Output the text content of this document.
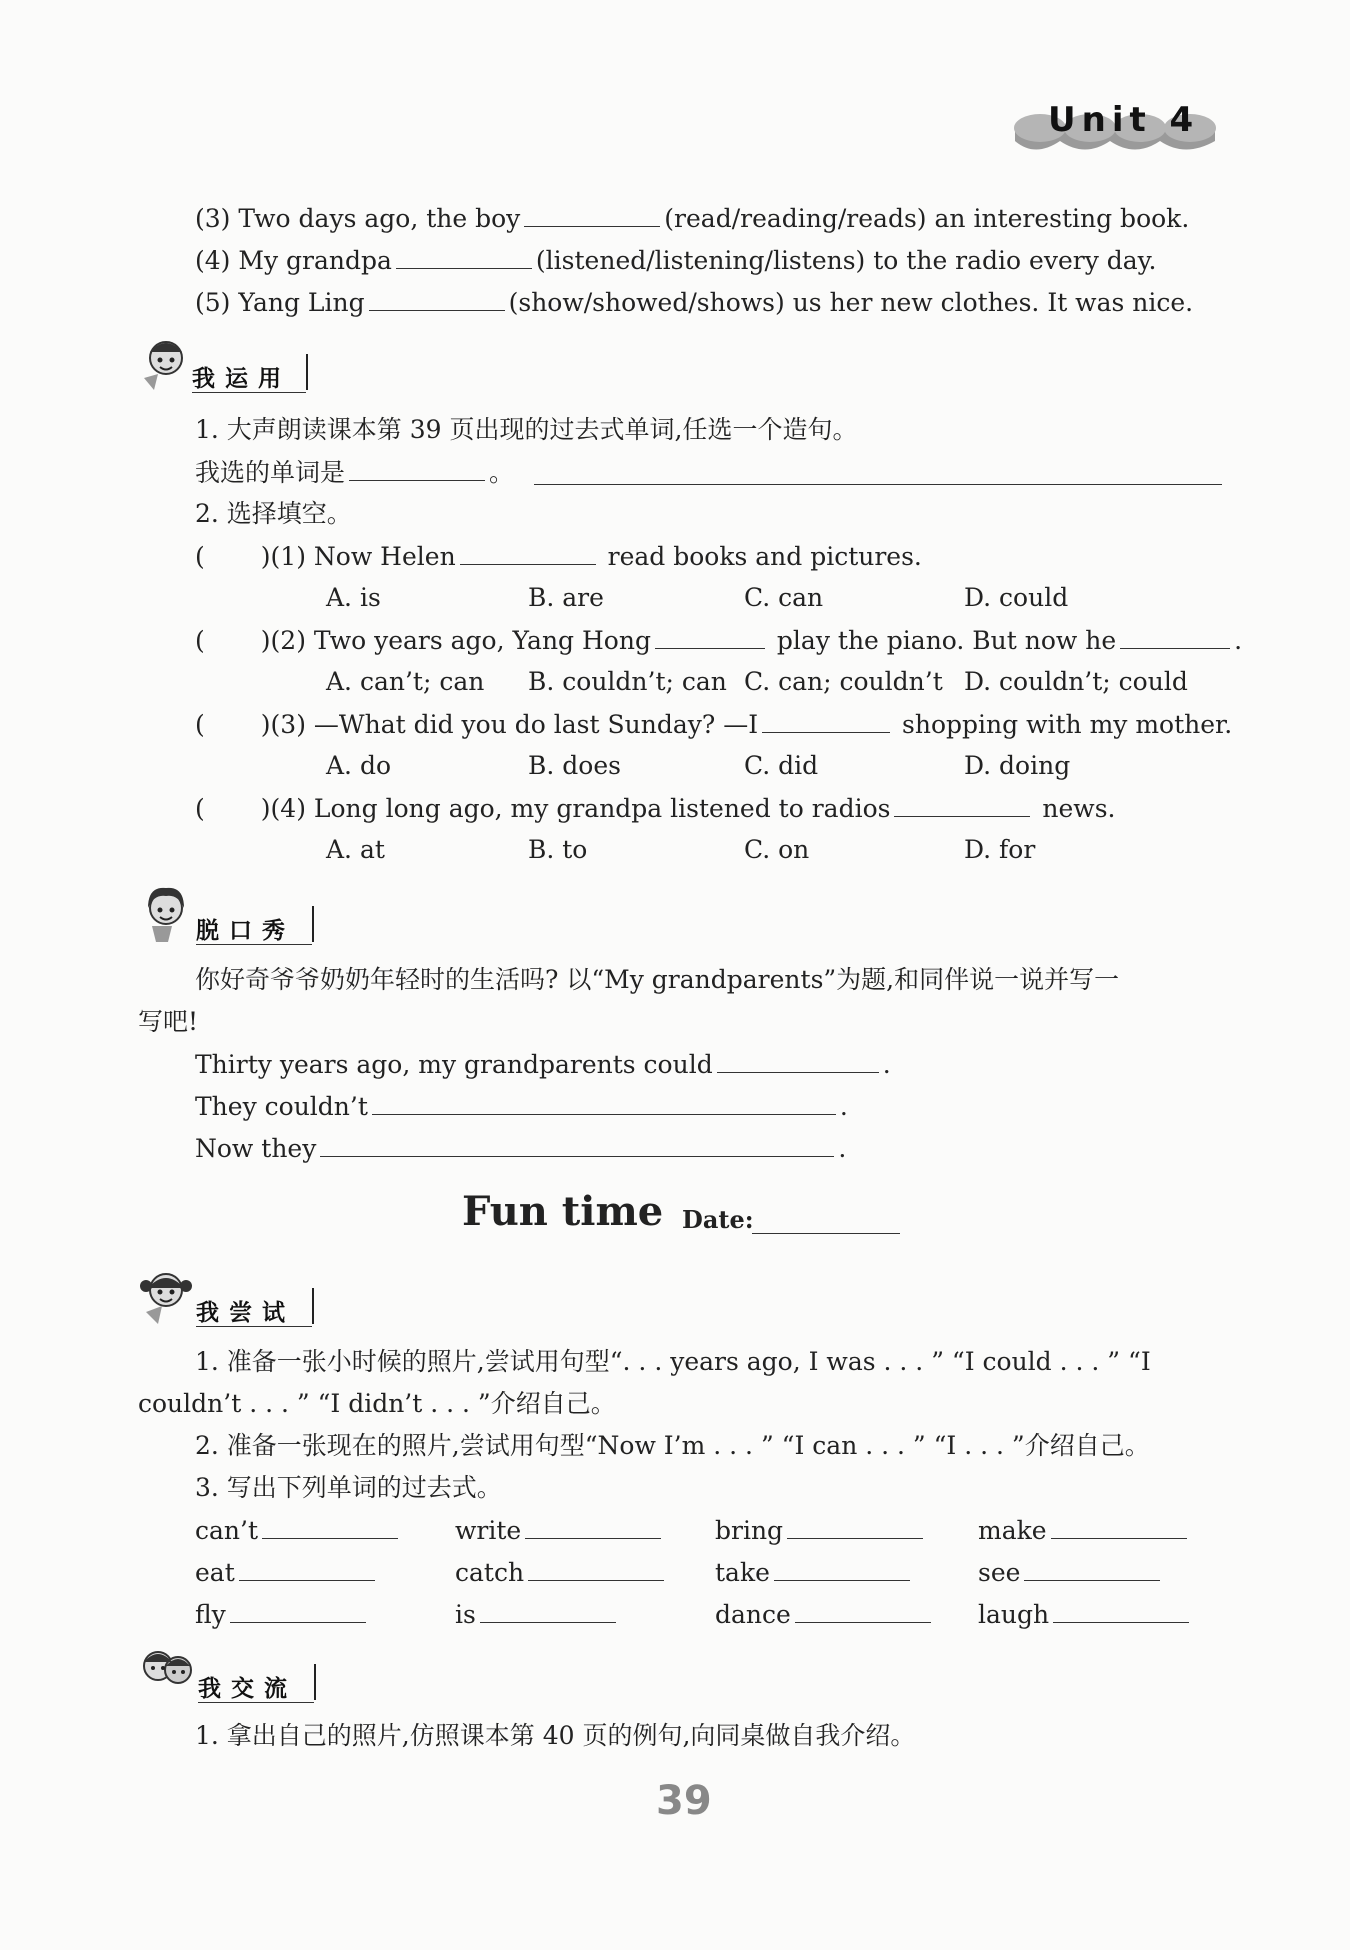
Unit 4
(3) Two days ago, the boy	(read/reading/reads) an interesting book.
(4) My grandpa	(listened/listening/listens) to the radio every day.
(5) Yang Ling	(show/showed/shows) us her new clothes. It was nice.
我运用
1. 大声朗读课本第 39 页出现的过去式单词,任选一个造句。
我选的单词是	。
2. 选择填空。
( )(1) Now Helen	read books and pictures.
A. is	B. are	C. can	D. could
( )(2) Two years ago, Yang Hong	play the piano. But now he	.
A. can’t; can B. couldn’t; can C. can; couldn’t D. couldn’t; could
( )(3) —What did you do last Sunday? —I	shopping with my mother.
A. do	B. does	C. did	D. doing
( )(4) Long long ago, my grandpa listened to radios	news.
A. at	B. to	C. on	D. for
脱口秀
你好奇爷爷奶奶年轻时的生活吗? 以“My grandparents”为题,和同伴说一说并写一
写吧!
Thirty years ago, my grandparents could	.
They couldn’t	.
Now they	.
Fun time Date:
我尝试
1. 准备一张小时候的照片,尝试用句型“. . . years ago, I was . . . ” “I could . . . ” “I
couldn’t . . . ” “I didn’t . . . ”介绍自己。
2. 准备一张现在的照片,尝试用句型“Now I’m . . . ” “I can . . . ” “I . . . ”介绍自己。
3. 写出下列单词的过去式。
can’t	write	bring	make
eat	catch	take	see
fly	is	dance	laugh
我交流
1. 拿出自己的照片,仿照课本第 40 页的例句,向同桌做自我介绍。
39
